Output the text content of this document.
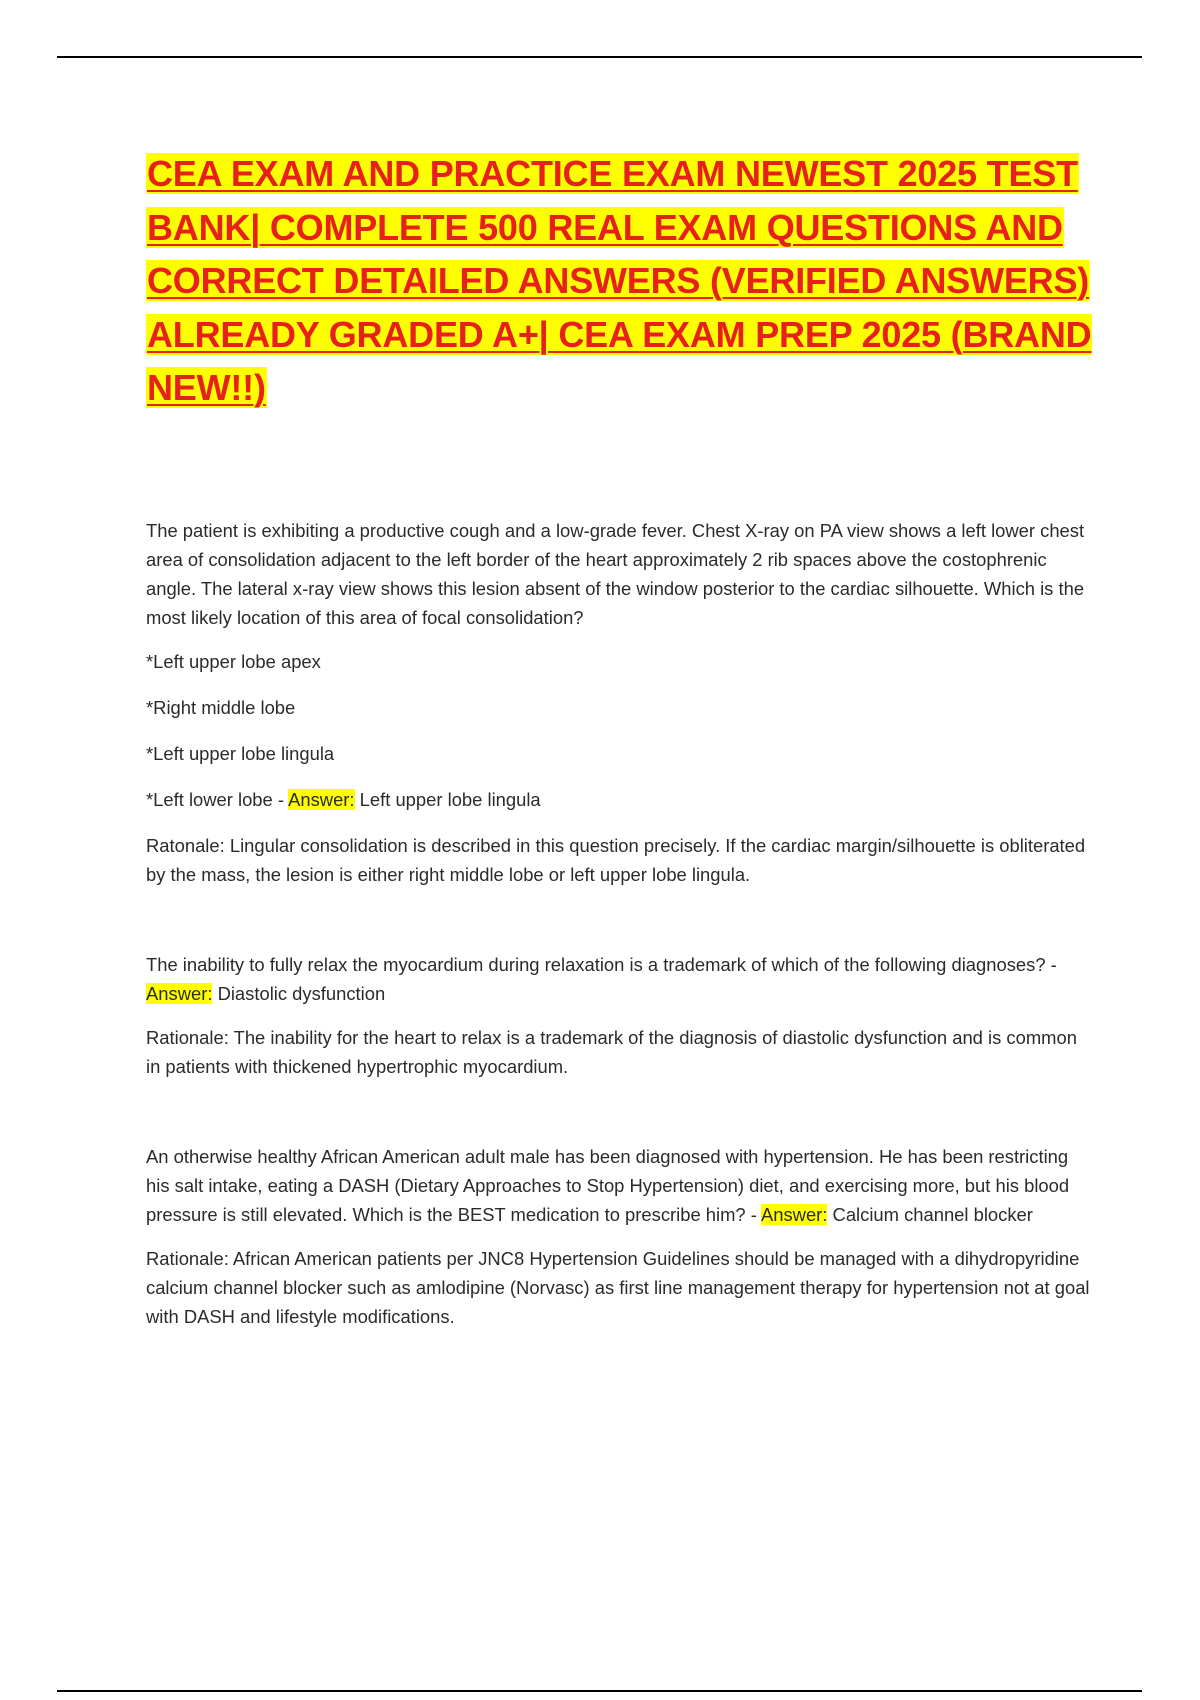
CEA EXAM AND PRACTICE EXAM NEWEST 2025 TEST BANK| COMPLETE 500 REAL EXAM QUESTIONS AND CORRECT DETAILED ANSWERS (VERIFIED ANSWERS) ALREADY GRADED A+| CEA EXAM PREP 2025 (BRAND NEW!!)

The patient is exhibiting a productive cough and a low-grade fever. Chest X-ray on PA view shows a left lower chest area of consolidation adjacent to the left border of the heart approximately 2 rib spaces above the costophrenic angle. The lateral x-ray view shows this lesion absent of the window posterior to the cardiac silhouette. Which is the most likely location of this area of focal consolidation?

*Left upper lobe apex

*Right middle lobe

*Left upper lobe lingula

*Left lower lobe - Answer: Left upper lobe lingula

Ratonale: Lingular consolidation is described in this question precisely. If the cardiac margin/silhouette is obliterated by the mass, the lesion is either right middle lobe or left upper lobe lingula.

The inability to fully relax the myocardium during relaxation is a trademark of which of the following diagnoses? - Answer: Diastolic dysfunction

Rationale: The inability for the heart to relax is a trademark of the diagnosis of diastolic dysfunction and is common in patients with thickened hypertrophic myocardium.

An otherwise healthy African American adult male has been diagnosed with hypertension. He has been restricting his salt intake, eating a DASH (Dietary Approaches to Stop Hypertension) diet, and exercising more, but his blood pressure is still elevated. Which is the BEST medication to prescribe him? - Answer: Calcium channel blocker

Rationale: African American patients per JNC8 Hypertension Guidelines should be managed with a dihydropyridine calcium channel blocker such as amlodipine (Norvasc) as first line management therapy for hypertension not at goal with DASH and lifestyle modifications.
